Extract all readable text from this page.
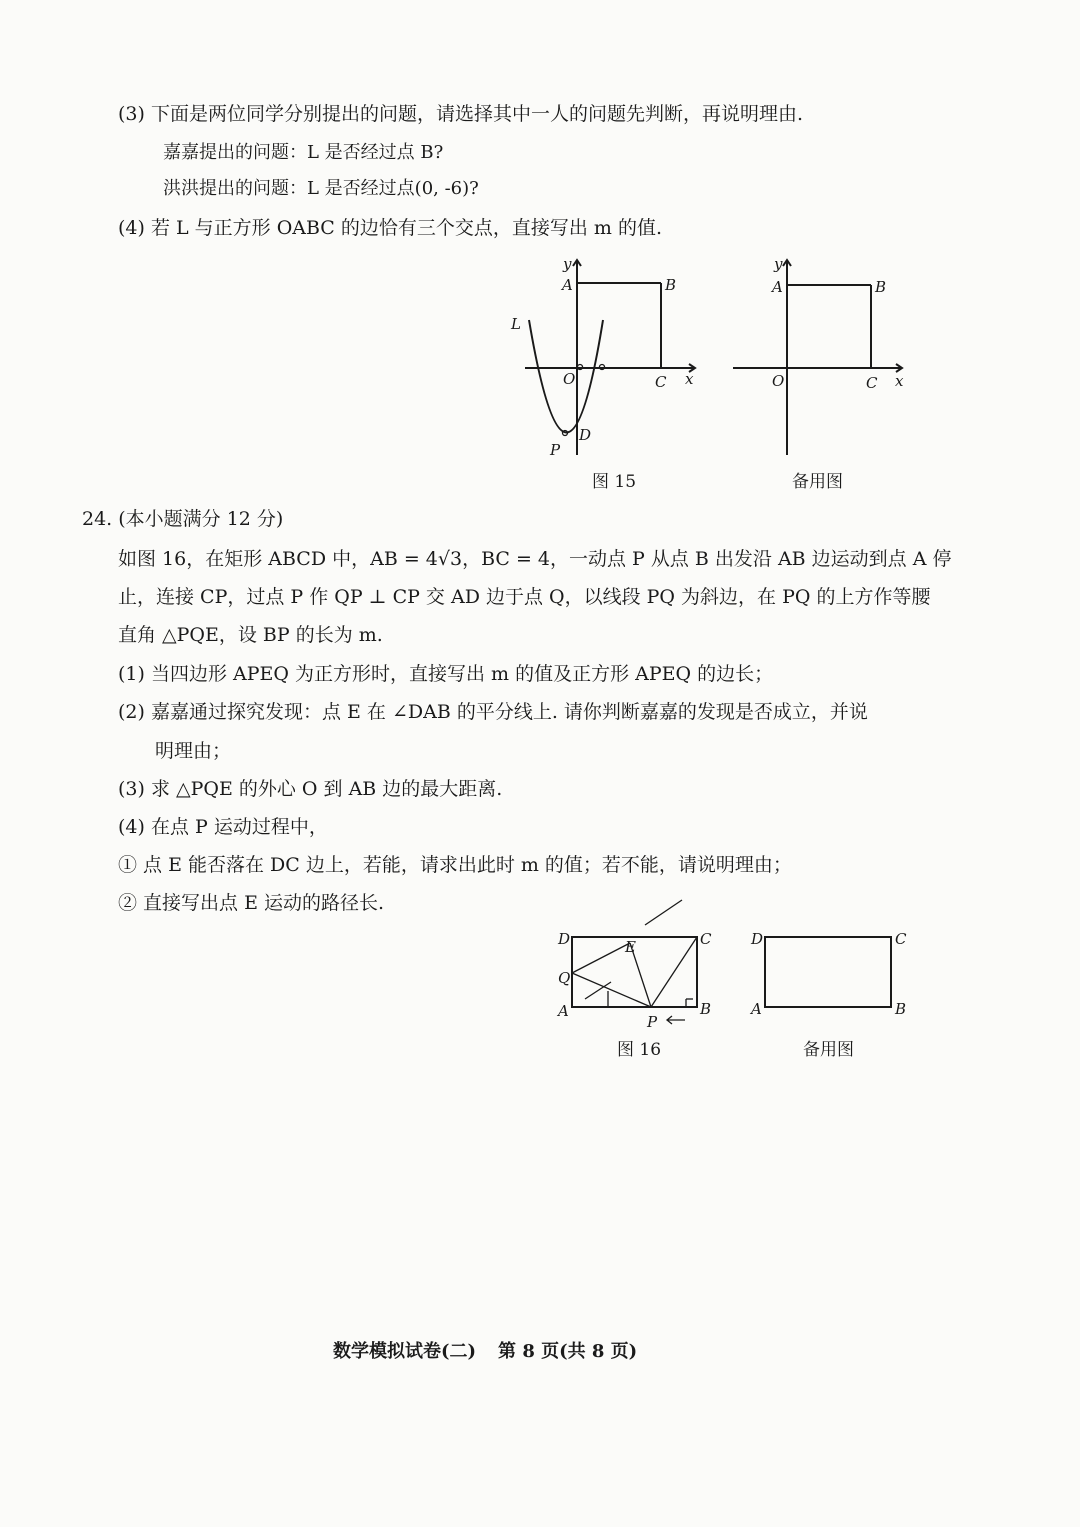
(3) 下面是两位同学分别提出的问题，请选择其中一人的问题先判断，再说明理由.
嘉嘉提出的问题：L 是否经过点 B?
洪洪提出的问题：L 是否经过点(0, -6)?
(4) 若 L 与正方形 OABC 的边恰有三个交点，直接写出 m 的值.
y
A	B
L
O	C x
D
P
图 15
y
A	B
O	C x
备用图
24. (本小题满分 12 分)
如图 16，在矩形 ABCD 中，AB = 4√3，BC = 4，一动点 P 从点 B 出发沿 AB 边运动到点 A 停
止，连接 CP，过点 P 作 QP ⊥ CP 交 AD 边于点 Q，以线段 PQ 为斜边，在 PQ 的上方作等腰
直角 △PQE，设 BP 的长为 m.
(1) 当四边形 APEQ 为正方形时，直接写出 m 的值及正方形 APEQ 的边长；
(2) 嘉嘉通过探究发现：点 E 在 ∠DAB 的平分线上. 请你判断嘉嘉的发现是否成立，并说
明理由；
(3) 求 △PQE 的外心 O 到 AB 边的最大距离.
(4) 在点 P 运动过程中，
① 点 E 能否落在 DC 边上，若能，请求出此时 m 的值；若不能，请说明理由；
② 直接写出点 E 运动的路径长.
D	C
E
Q
A	B
P
图 16
D	C
A	B
备用图
数学模拟试卷(二) 第 8 页(共 8 页)
